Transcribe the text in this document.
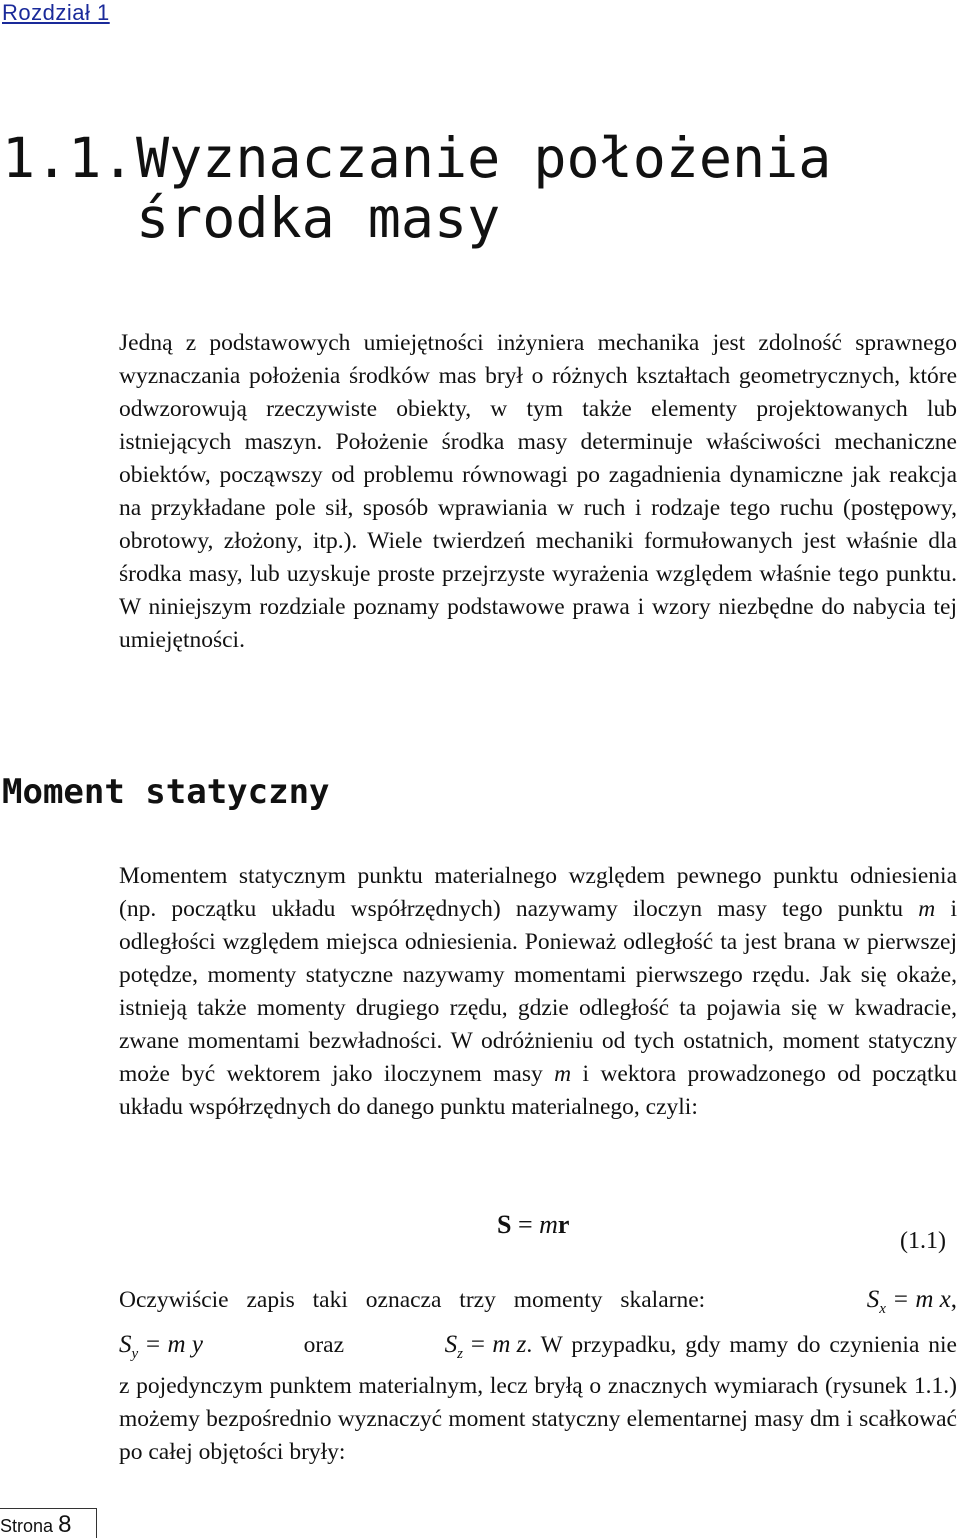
Rozdział 1
1.1.Wyznaczanie położenia
środka masy

Jedną z podstawowych umiejętności inżyniera mechanika jest zdolność sprawnego wyznaczania położenia środków mas brył o różnych kształtach geometrycznych, które odwzorowują rzeczywiste obiekty, w tym także elementy projektowanych lub istniejących maszyn. Położenie środka masy determinuje właściwości mechaniczne obiektów, począwszy od problemu równowagi po zagadnienia dynamiczne jak reakcja na przykładane pole sił, sposób wprawiania w ruch i rodzaje tego ruchu (postępowy, obrotowy, złożony, itp.). Wiele twierdzeń mechaniki formułowanych jest właśnie dla środka masy, lub uzyskuje proste przejrzyste wyrażenia względem właśnie tego punktu. W niniejszym rozdziale poznamy podstawowe prawa i wzory niezbędne do nabycia tej umiejętności.

Moment statyczny

Momentem statycznym punktu materialnego względem pewnego punktu odniesienia (np. początku układu współrzędnych) nazywamy iloczyn masy tego punktu m i odległości względem miejsca odniesienia. Ponieważ odległość ta jest brana w pierwszej potędze, momenty statyczne nazywamy momentami pierwszego rzędu. Jak się okaże, istnieją także momenty drugiego rzędu, gdzie odległość ta pojawia się w kwadracie, zwane momentami bezwładności. W odróżnieniu od tych ostatnich, moment statyczny może być wektorem jako iloczynem masy m i wektora prowadzonego od początku układu współrzędnych do danego punktu materialnego, czyli:

S = mr
(1.1)
Oczywiście zapis taki oznacza trzy momenty skalarne:	$S_x = m$ x,
$S_y = m$ y	oraz	$S_z = m$ z. W przypadku, gdy mamy do czynienia nie

z pojedynczym punktem materialnym, lecz bryłą o znacznych wymiarach (rysunek 1.1.) możemy bezpośrednio wyznaczyć moment statyczny elementarnej masy dm i scałkować po całej objętości bryły:

Strona 8
